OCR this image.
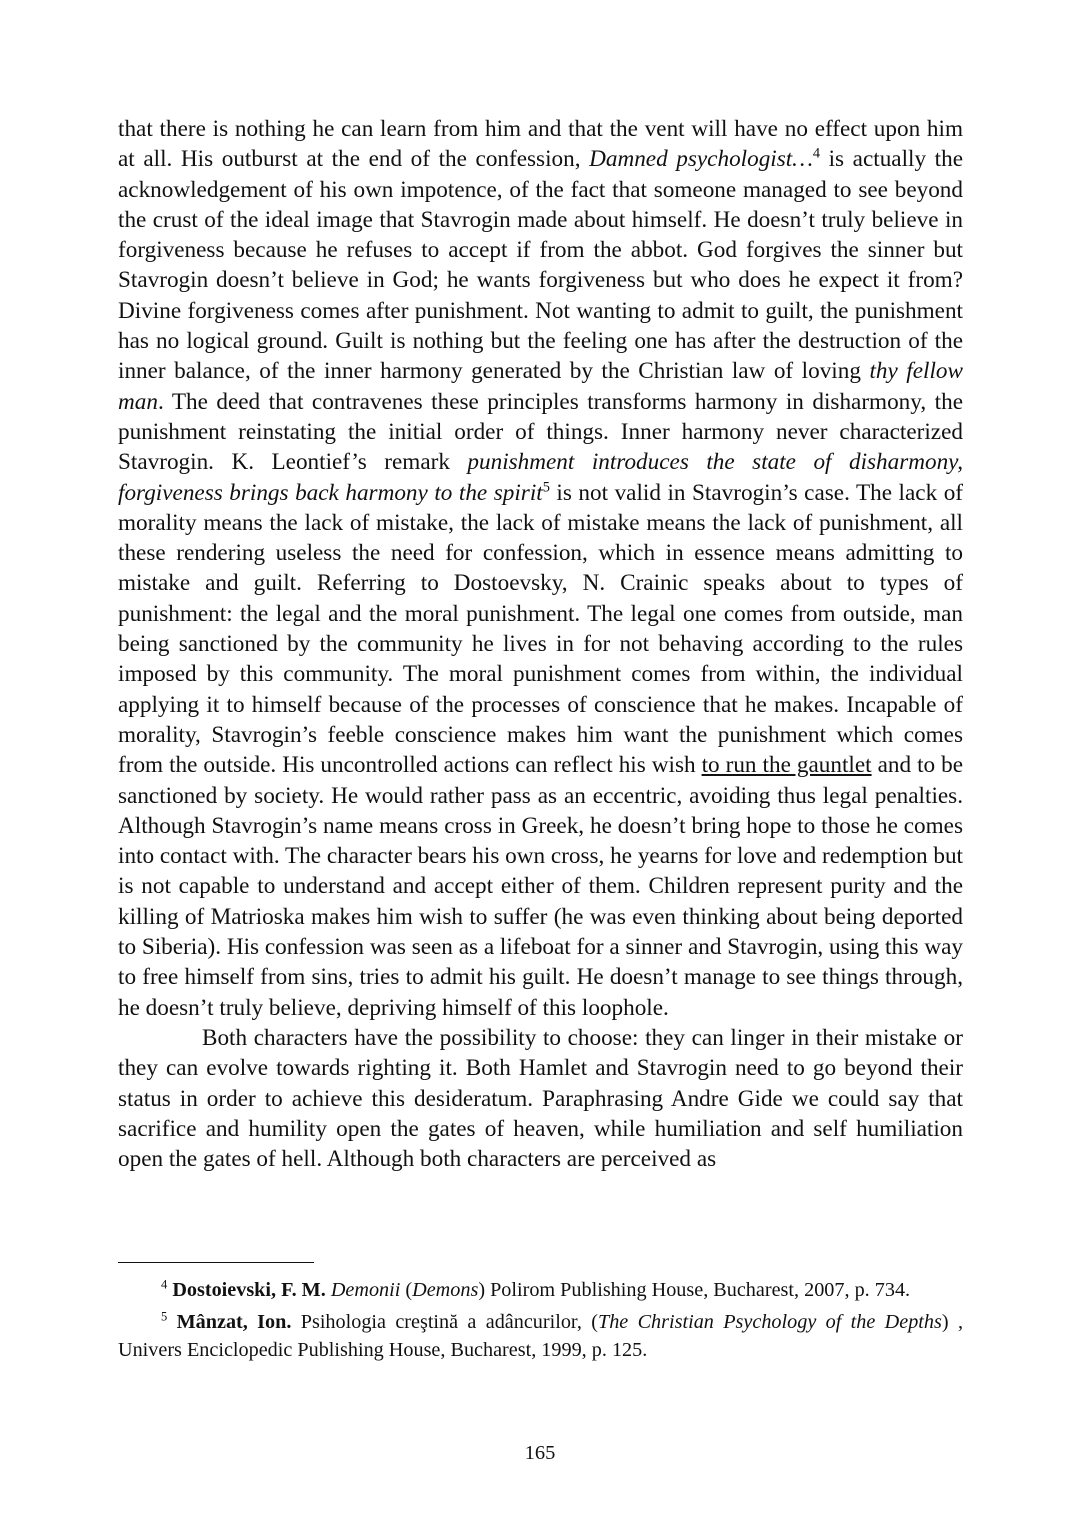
that there is nothing he can learn from him and that the vent will have no effect upon him at all. His outburst at the end of the confession, Damned psychologist…$^4$ is actually the acknowledgement of his own impotence, of the fact that someone managed to see beyond the crust of the ideal image that Stavrogin made about himself. He doesn’t truly believe in forgiveness because he refuses to accept if from the abbot. God forgives the sinner but Stavrogin doesn’t believe in God; he wants forgiveness but who does he expect it from? Divine forgiveness comes after punishment. Not wanting to admit to guilt, the punishment has no logical ground. Guilt is nothing but the feeling one has after the destruction of the inner balance, of the inner harmony generated by the Christian law of loving thy fellow man. The deed that contravenes these principles transforms harmony in disharmony, the punishment reinstating the initial order of things. Inner harmony never characterized Stavrogin. K. Leontief’s remark punishment introduces the state of disharmony, forgiveness brings back harmony to the spirit$^5$ is not valid in Stavrogin’s case. The lack of morality means the lack of mistake, the lack of mistake means the lack of punishment, all these rendering useless the need for confession, which in essence means admitting to mistake and guilt. Referring to Dostoevsky, N. Crainic speaks about to types of punishment: the legal and the moral punishment. The legal one comes from outside, man being sanctioned by the community he lives in for not behaving according to the rules imposed by this community. The moral punishment comes from within, the individual applying it to himself because of the processes of conscience that he makes. Incapable of morality, Stavrogin’s feeble conscience makes him want the punishment which comes from the outside. His uncontrolled actions can reflect his wish to run the gauntlet and to be sanctioned by society. He would rather pass as an eccentric, avoiding thus legal penalties. Although Stavrogin’s name means cross in Greek, he doesn’t bring hope to those he comes into contact with. The character bears his own cross, he yearns for love and redemption but is not capable to understand and accept either of them. Children represent purity and the killing of Matrioska makes him wish to suffer (he was even thinking about being deported to Siberia). His confession was seen as a lifeboat for a sinner and Stavrogin, using this way to free himself from sins, tries to admit his guilt. He doesn’t manage to see things through, he doesn’t truly believe, depriving himself of this loophole.

Both characters have the possibility to choose: they can linger in their mistake or they can evolve towards righting it. Both Hamlet and Stavrogin need to go beyond their status in order to achieve this desideratum. Paraphrasing Andre Gide we could say that sacrifice and humility open the gates of heaven, while humiliation and self humiliation open the gates of hell. Although both characters are perceived as

$^4$ Dostoievski, F. M. Demonii (Demons) Polirom Publishing House, Bucharest, 2007, p. 734.

$^5$ Mânzat, Ion. Psihologia creştină a adâncurilor, (The Christian Psychology of the Depths) , Univers Enciclopedic Publishing House, Bucharest, 1999, p. 125.

165
